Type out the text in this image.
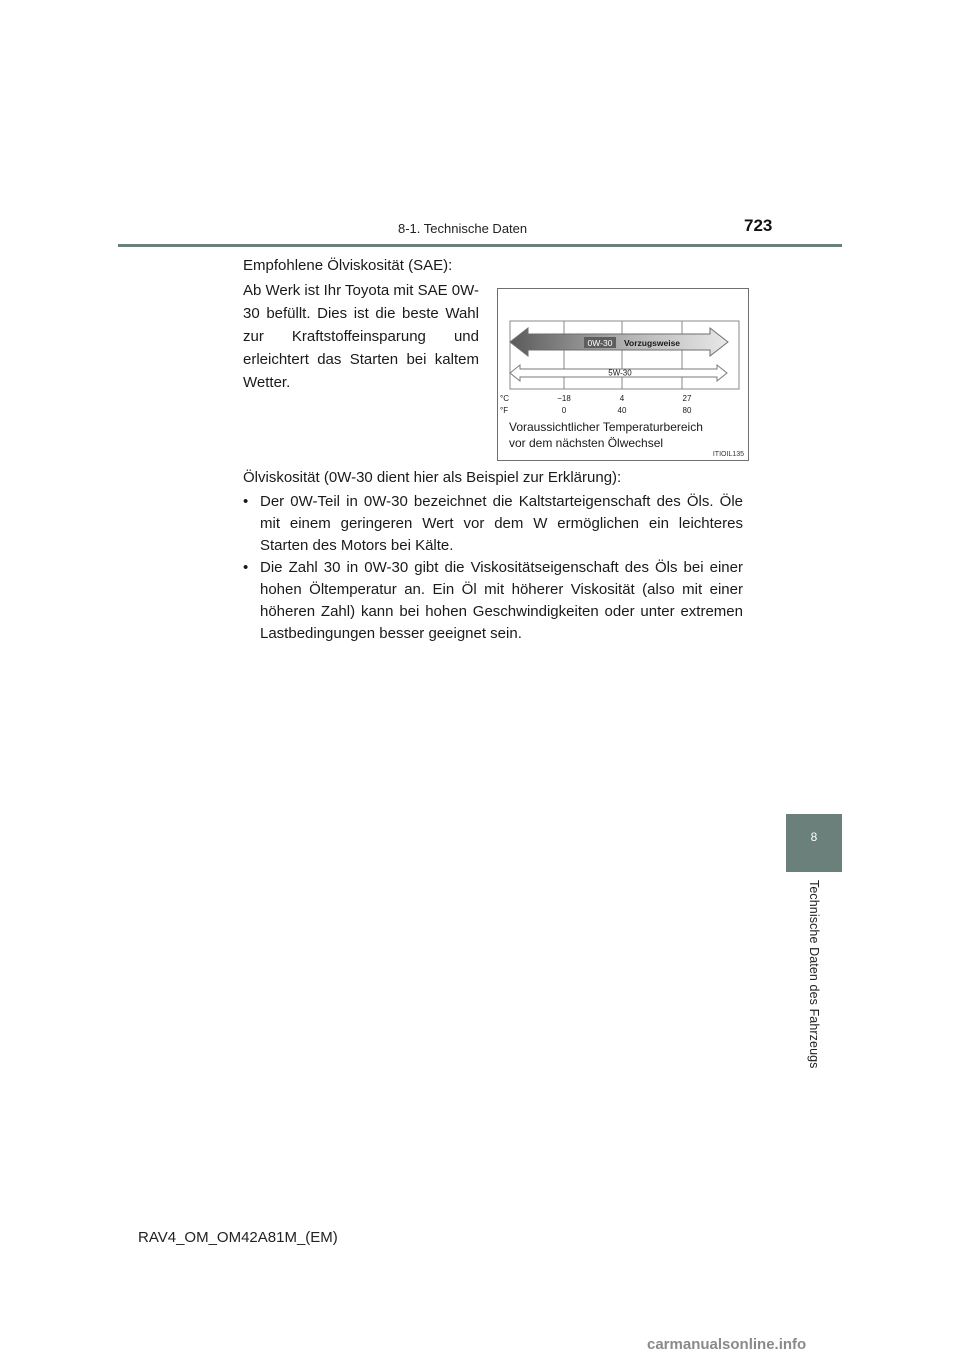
8-1. Technische Daten	723
8
Technische Daten des Fahrzeugs
Empfohlene Ölviskosität (SAE):
Ab Werk ist Ihr Toyota mit SAE 0W-30 befüllt. Dies ist die beste Wahl zur Kraftstoffeinsparung und erleichtert das Starten bei kaltem Wetter.
0W-30 Vorzugsweise
5W-30
°C
°F
−18	4	27
0	40	80
Voraussichtlicher Temperaturbereich
vor dem nächsten Ölwechsel
ITIOIL135
Ölviskosität (0W-30 dient hier als Beispiel zur Erklärung):
• Der 0W-Teil in 0W-30 bezeichnet die Kaltstarteigenschaft des Öls. Öle mit einem geringeren Wert vor dem W ermöglichen ein leichteres Starten des Motors bei Kälte.
• Die Zahl 30 in 0W-30 gibt die Viskositätseigenschaft des Öls bei einer hohen Öltemperatur an. Ein Öl mit höherer Viskosität (also mit einer höheren Zahl) kann bei hohen Geschwindigkeiten oder unter extremen Lastbedingungen besser geeignet sein.
RAV4_OM_OM42A81M_(EM)
carmanualsonline.info
